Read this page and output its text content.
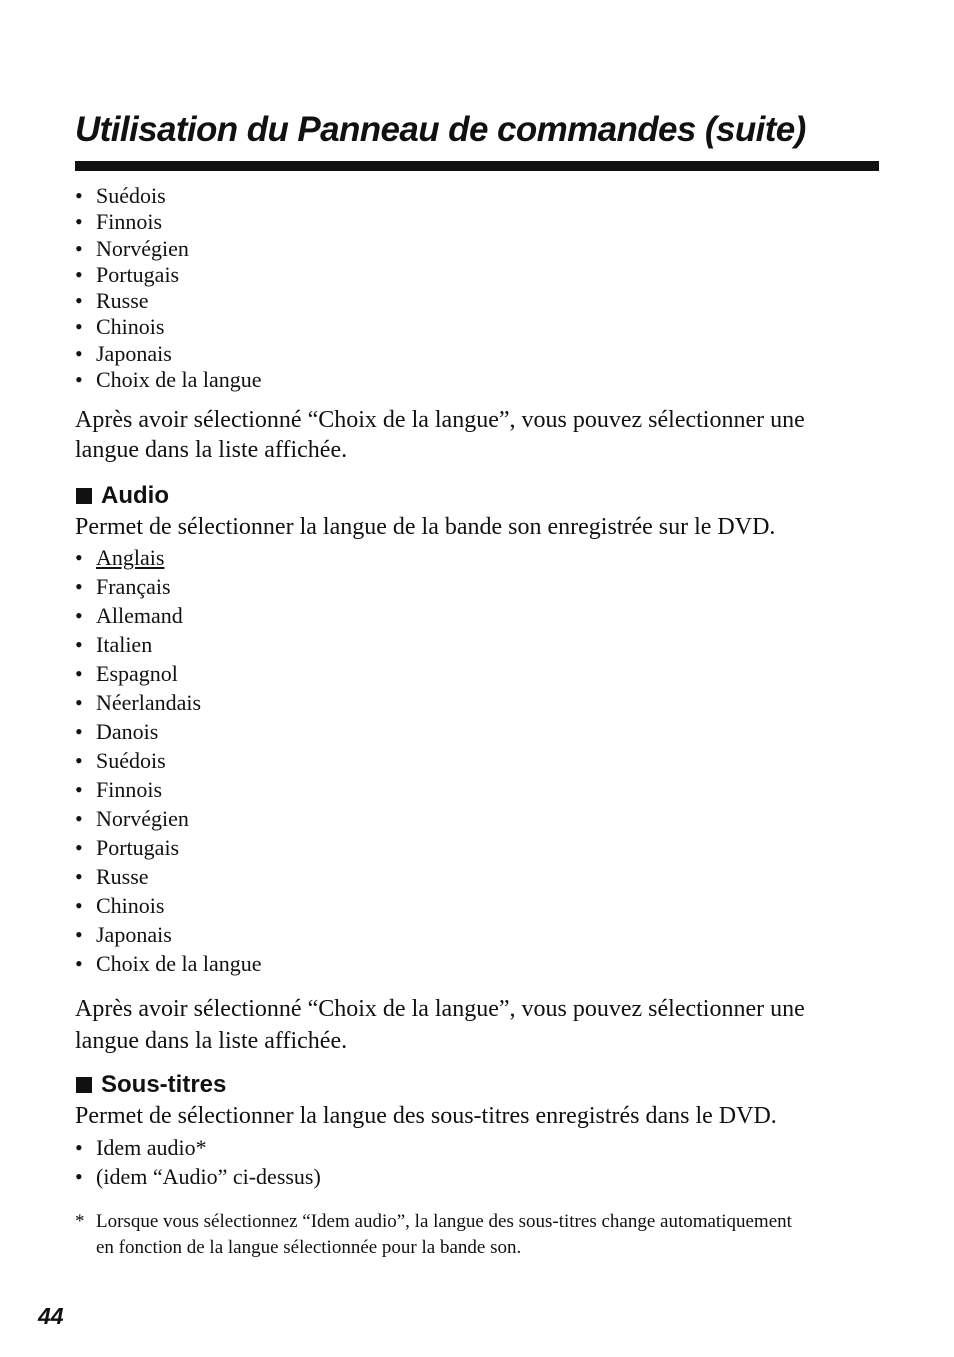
Utilisation du Panneau de commandes (suite)
• Suédois
• Finnois
• Norvégien
• Portugais
• Russe
• Chinois
• Japonais
• Choix de la langue

Après avoir sélectionné “Choix de la langue”, vous pouvez sélectionner une
langue dans la liste affichée.

Audio

Permet de sélectionner la langue de la bande son enregistrée sur le DVD.

• Anglais
• Français
• Allemand
• Italien
• Espagnol
• Néerlandais
• Danois
• Suédois
• Finnois
• Norvégien
• Portugais
• Russe
• Chinois
• Japonais
• Choix de la langue

Après avoir sélectionné “Choix de la langue”, vous pouvez sélectionner une
langue dans la liste affichée.

Sous-titres

Permet de sélectionner la langue des sous-titres enregistrés dans le DVD.

• Idem audio*
• (idem “Audio” ci-dessus)
* Lorsque vous sélectionnez “Idem audio”, la langue des sous-titres change automatiquement
en fonction de la langue sélectionnée pour la bande son.
44
